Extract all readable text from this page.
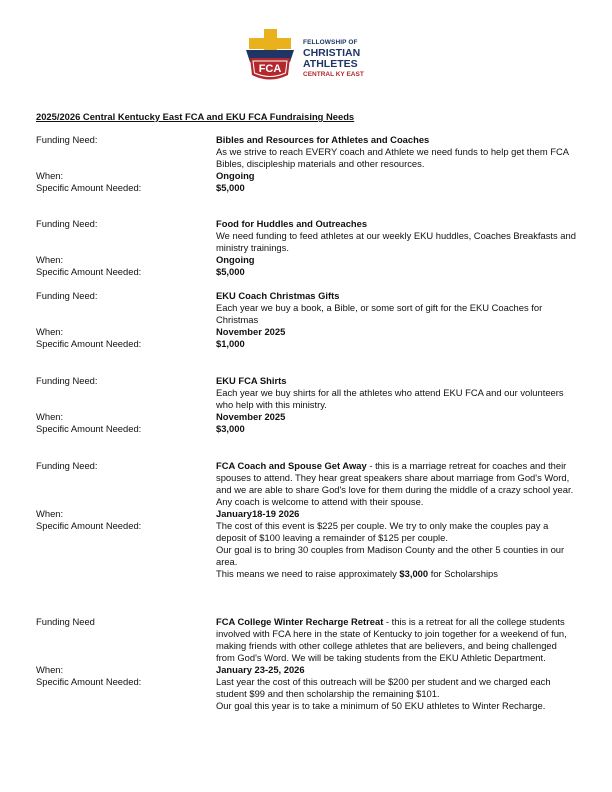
FCA
FELLOWSHIP OF
CHRISTIAN
ATHLETES
CENTRAL KY EAST
2025/2026 Central Kentucky East FCA and EKU FCA Fundraising Needs
Funding Need:	Bibles and Resources for Athletes and Coaches
As we strive to reach EVERY coach and Athlete we need funds to help get them FCA Bibles, discipleship materials and other resources.
When:	Ongoing
Specific Amount Needed:	$5,000
Funding Need:	Food for Huddles and Outreaches
We need funding to feed athletes at our weekly EKU huddles, Coaches Breakfasts and ministry trainings.
When:	Ongoing
Specific Amount Needed:	$5,000
Funding Need:	EKU Coach Christmas Gifts
Each year we buy a book, a Bible, or some sort of gift for the EKU Coaches for Christmas
When:	November 2025
Specific Amount Needed:	$1,000
Funding Need:	EKU FCA Shirts
Each year we buy shirts for all the athletes who attend EKU FCA and our volunteers who help with this ministry.
When:	November 2025
Specific Amount Needed:	$3,000
Funding Need:	FCA Coach and Spouse Get Away - this is a marriage retreat for coaches and their spouses to attend. They hear great speakers share about marriage from God's Word, and we are able to share God's love for them during the middle of a crazy school year. Any coach is welcome to attend with their spouse.
When:	January18-19 2026
Specific Amount Needed:	The cost of this event is $225 per couple. We try to only make the couples pay a deposit of $100 leaving a remainder of $125 per couple.
Our goal is to bring 30 couples from Madison County and the other 5 counties in our area.
This means we need to raise approximately $3,000 for Scholarships
Funding Need	FCA College Winter Recharge Retreat - this is a retreat for all the college students involved with FCA here in the state of Kentucky to join together for a weekend of fun, making friends with other college athletes that are believers, and being challenged from God's Word. We will be taking students from the EKU Athletic Department.
When:	January 23-25, 2026
Specific Amount Needed:	Last year the cost of this outreach will be $200 per student and we charged each student $99 and then scholarship the remaining $101.
Our goal this year is to take a minimum of 50 EKU athletes to Winter Recharge.
